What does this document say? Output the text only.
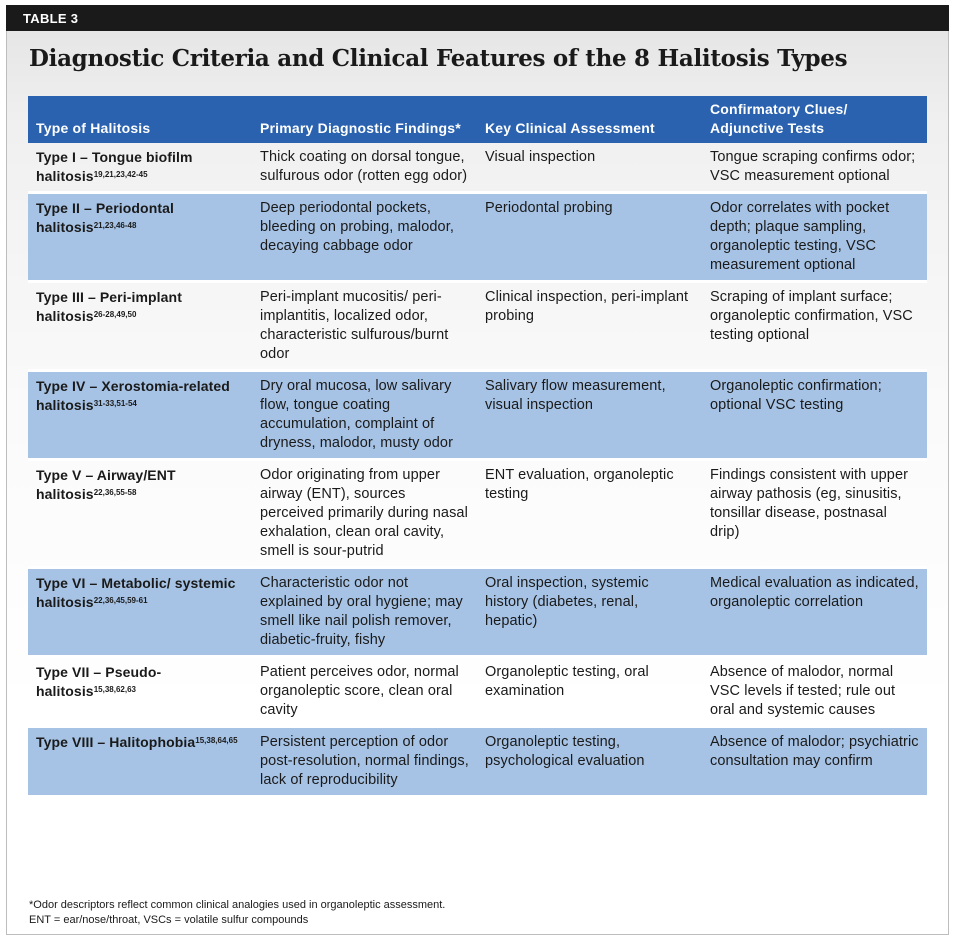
TABLE 3
Diagnostic Criteria and Clinical Features of the 8 Halitosis Types
Type of Halitosis	Primary Diagnostic Findings*	Key Clinical Assessment	Confirmatory Clues/ Adjunctive Tests
Type I – Tongue biofilm halitosis$^{19,21,23,42-45}$	Thick coating on dorsal tongue, sulfurous odor (rotten egg odor)	Visual inspection	Tongue scraping confirms odor; VSC measurement optional
Type II – Periodontal halitosis$^{21,23,46-48}$	Deep periodontal pockets, bleeding on probing, malodor, decaying cabbage odor	Periodontal probing	Odor correlates with pocket depth; plaque sampling, organoleptic testing, VSC measurement optional
Type III – Peri-implant halitosis$^{26-28,49,50}$	Peri-implant mucositis/ peri-implantitis, localized odor, characteristic sulfurous/burnt odor	Clinical inspection, peri-implant probing	Scraping of implant surface; organoleptic confirmation, VSC testing optional
Type IV – Xerostomia-related halitosis$^{31-33,51-54}$	Dry oral mucosa, low salivary flow, tongue coating accumulation, complaint of dryness, malodor, musty odor	Salivary flow measurement, visual inspection	Organoleptic confirmation; optional VSC testing
Type V – Airway/ENT halitosis$^{22,36,55-58}$	Odor originating from upper airway (ENT), sources perceived primarily during nasal exhalation, clean oral cavity, smell is sour-putrid	ENT evaluation, organoleptic testing	Findings consistent with upper airway pathosis (eg, sinusitis, tonsillar disease, postnasal drip)
Type VI – Metabolic/ systemic halitosis$^{22,36,45,59-61}$	Characteristic odor not explained by oral hygiene; may smell like nail polish remover, diabetic-fruity, fishy	Oral inspection, systemic history (diabetes, renal, hepatic)	Medical evaluation as indicated, organoleptic correlation
Type VII – Pseudo-halitosis$^{15,38,62,63}$	Patient perceives odor, normal organoleptic score, clean oral cavity	Organoleptic testing, oral examination	Absence of malodor, normal VSC levels if tested; rule out oral and systemic causes
Type VIII – Halitophobia$^{15,38,64,65}$	Persistent perception of odor post-resolution, normal findings, lack of reproducibility	Organoleptic testing, psychological evaluation	Absence of malodor; psychiatric consultation may confirm
*Odor descriptors reflect common clinical analogies used in organoleptic assessment.
ENT = ear/nose/throat, VSCs = volatile sulfur compounds
